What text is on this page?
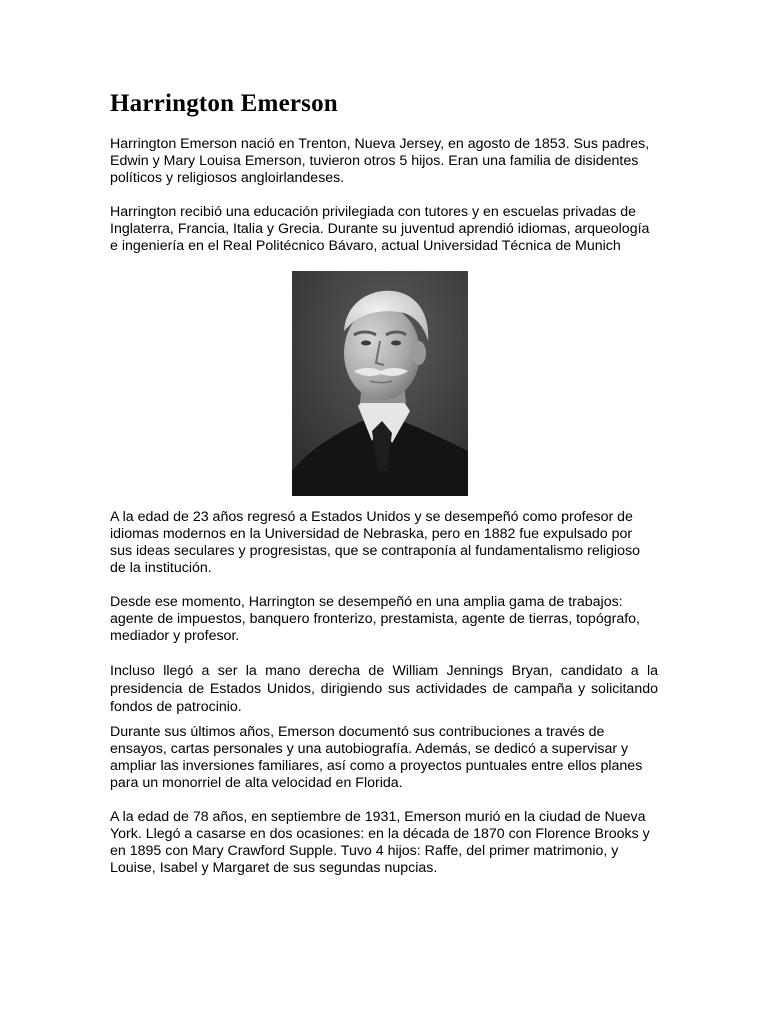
Harrington Emerson

Harrington Emerson nació en Trenton, Nueva Jersey, en agosto de 1853. Sus padres, Edwin y Mary Louisa Emerson, tuvieron otros 5 hijos. Eran una familia de disidentes políticos y religiosos angloirlandeses.

Harrington recibió una educación privilegiada con tutores y en escuelas privadas de Inglaterra, Francia, Italia y Grecia. Durante su juventud aprendió idiomas, arqueología e ingeniería en el Real Politécnico Bávaro, actual Universidad Técnica de Munich

A la edad de 23 años regresó a Estados Unidos y se desempeñó como profesor de idiomas modernos en la Universidad de Nebraska, pero en 1882 fue expulsado por sus ideas seculares y progresistas, que se contraponía al fundamentalismo religioso de la institución.

Desde ese momento, Harrington se desempeñó en una amplia gama de trabajos: agente de impuestos, banquero fronterizo, prestamista, agente de tierras, topógrafo, mediador y profesor.

Incluso llegó a ser la mano derecha de William Jennings Bryan, candidato a la presidencia de Estados Unidos, dirigiendo sus actividades de campaña y solicitando fondos de patrocinio.

Durante sus últimos años, Emerson documentó sus contribuciones a través de ensayos, cartas personales y una autobiografía. Además, se dedicó a supervisar y ampliar las inversiones familiares, así como a proyectos puntuales entre ellos planes para un monorriel de alta velocidad en Florida.

A la edad de 78 años, en septiembre de 1931, Emerson murió en la ciudad de Nueva York. Llegó a casarse en dos ocasiones: en la década de 1870 con Florence Brooks y en 1895 con Mary Crawford Supple. Tuvo 4 hijos: Raffe, del primer matrimonio, y Louise, Isabel y Margaret de sus segundas nupcias.
